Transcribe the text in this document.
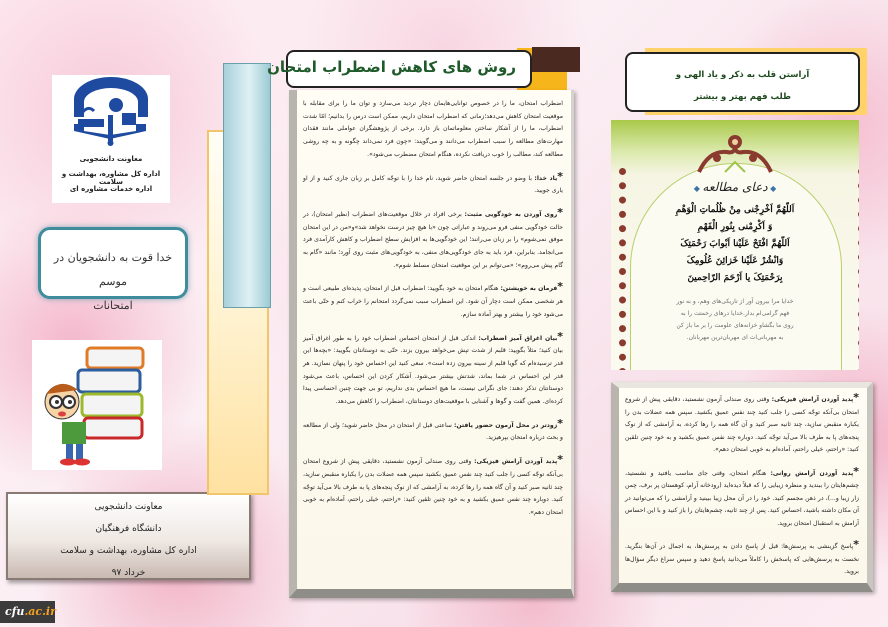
معاونت دانشجویی
اداره کل مشاوره، بهداشت و سلامت
اداره خدمات مشاوره ای
خدا قوت به دانشجویان در موسم
امتحانات
معاونت دانشجویی
دانشگاه فرهنگیان
اداره کل مشاوره، بهداشت و سلامت
خرداد ۹۷
cfu.ac.ir
روش های کاهش اضطراب امتحان

اضطراب امتحان، ما را در خصوص توانایی‌هایمان دچار تردید می‌سازد و توان ما را برای مقابله با موقعیت امتحان کاهش می‌دهد؛زمانی که اضطراب امتحان داریم، ممکن است درس را بدانیم؛ امّا شدت اضطراب، ما را از آشکار ساختن معلوماتمان باز دارد. برخی از پژوهشگران عواملی مانند فقدان مهارت‌های مطالعه را سبب اضطراب می‌دانند و می‌گویند: «چون فرد نمی‌داند چگونه و به چه روشی مطالعه کند، مطالب را خوب دریافت نکرده، هنگام امتحان مضطرب می‌شود».

*یاد خدا: با وضو در جلسه امتحان حاضر شوید، نام خدا را با توجّه کامل بر زبان جاری کنید و از او یاری جویید.

*روی آوردن به خودگویی مثبت: برخی افراد در خلال موقعیت‌های اضطراب (نظیر امتحان)، در حالت خودگویی منفی فرو می‌روند و عباراتی چون «با هیچ چیز درست نخواهد شد»و«من در این امتحان موفق نمی‌شوم» را بر زبان می‌رانند؛ این خودگویی‌ها به افزایش سطح اضطراب و کاهش کارآمدی فرد می‌انجامد. بنابراین، فرد باید به جای خودگویی‌های منفی، به خودگویی‌های مثبت روی آورد؛ مانند «گام به گام پیش می‌روم»؛ «می‌توانم بر این موقعیت امتحان مسلط شوم».

*فرمان به خویشتن: هنگام امتحان به خود بگویید: اضطراب قبل از امتحان، پدیده‌ای طبیعی است و هر شخصی ممکن است دچار آن شود. این اضطراب سبب نمی‌گردد امتحانم را خراب کنم و حتّی باعث می‌شود خود را بیشتر و بهتر آماده سازم.

*بیان اغراق آمیز اضطراب: اندکی قبل از امتحان احساس اضطراب خود را به طور اغراق آمیز بیان کنید؛ مثلاً بگویید: قلبم از شدت تپش می‌خواهد بیرون بزند. حتّی به دوستانتان بگویید: «بچه‌ها این قدر ترسیده‌ام که گویا قلبم از سینه بیرون زده است». سعی کنید این احساس خود را پنهان نسازید. هر قدر این احساس در شما بماند، شدتش بیشتر می‌شود. آشکار کردن این احساس، باعث می‌شود دوستانتان تذکر دهند: جای نگرانی نیست، ما هیچ احساس بدی نداریم، تو بی جهت چنین احساسی پیدا کرده‌ای. همین گفت و گوها و آشنایی با موقعیت‌های دوستانتان، اضطراب را کاهش می‌دهد.

*زودتر در محل آزمون حضور یافتن: ساعتی قبل از امتحان در محل حاضر شوید؛ ولی از مطالعه و بحث درباره امتحان بپرهیزید.

*پدید آوردن آرامش فیزیکی: وقتی روی صندلی آزمون نشستید، دقایقی پیش از شروع امتحان بی‌آنکه توجّه کسی را جلب کنید چند نفس عمیق بکشید سپس همه عضلات بدن را یکباره منقبض سازید، چند ثانیه صبر کنید و آن گاه همه را رها کرده، به آرامشی که از نوک پنجه‌های پا به طرف بالا می‌آید توجّه کنید. دوباره چند نفس عمیق بکشید و به خود چنین تلقین کنید: «راحتم، خیلی راحتم، آماده‌ام به خوبی امتحان دهم».

آراستن قلب به ذکر و یاد الهی و
طلب فهم بهتر و بیشتر
◆ دعای مطالعه ◆
اَللّهُمَّ اَخْرِجْنی مِنْ ظُلُماتِ الْوَهْمِ
وَ اَکْرِمْنی بِنُورِ الْفَهْمِ
اَللّهُمَّ افْتَحْ عَلَیْنا اَبْوابَ رَحْمَتِکَ
وَانْشُرْ عَلَیْنا خَزائِنَ عُلُومِکَ
بِرَحْمَتِکَ یا اَرْحَمَ الرّاحِمینَ
خدایا مرا بیرون آور از تاریکی‌های وهم، و به نور
فهم گرامی‌ام بدار.خدایا درهای رحمتت را به
روی ما بگشاو خزانه‌های علومت را بر ما باز کن
به مهربانی‌ات ای مهربان‌ترین مهربانان.

*پدید آوردن آرامش فیزیکی: وقتی روی صندلی آزمون نشستید، دقایقی پیش از شروع امتحان بی‌آنکه توجّه کسی را جلب کنید چند نفس عمیق بکشید. سپس همه عضلات بدن را یکباره منقبض سازید، چند ثانیه صبر کنید و آن گاه همه را رها کرده، به آرامشی که از نوک پنجه‌های پا به طرف بالا می‌آید توجّه کنید. دوباره چند نفس عمیق بکشید و به خود چنین تلقین کنید: «راحتم، خیلی راحتم، آماده‌ام به خوبی امتحان دهم».

*پدید آوردن آرامش روانی: هنگام امتحان، وقتی جای مناسب یافتید و نشستید، چشم‌هایتان را ببندید و منظره زیبایی را که قبلاً دیده‌اید (رودخانه آرام، کوهستان پر برف، چمن زار زیبا و...)، در ذهن مجسم کنید. خود را در آن محل زیبا ببینید و آرامشی را که می‌توانید در آن مکان داشته باشید، احساس کنید. پس از چند ثانیه، چشم‌هایتان را باز کنید و با این احساس آرامش به استقبال امتحان بروید.

*پاسخ گزینشی به پرسش‌ها: قبل از پاسخ دادن به پرسش‌ها، به اجمال در آن‌ها بنگرید. نخست به پرسش‌هایی که پاسخش را کاملاً می‌دانید پاسخ دهید و سپس سراغ دیگر سؤال‌ها بروید.
